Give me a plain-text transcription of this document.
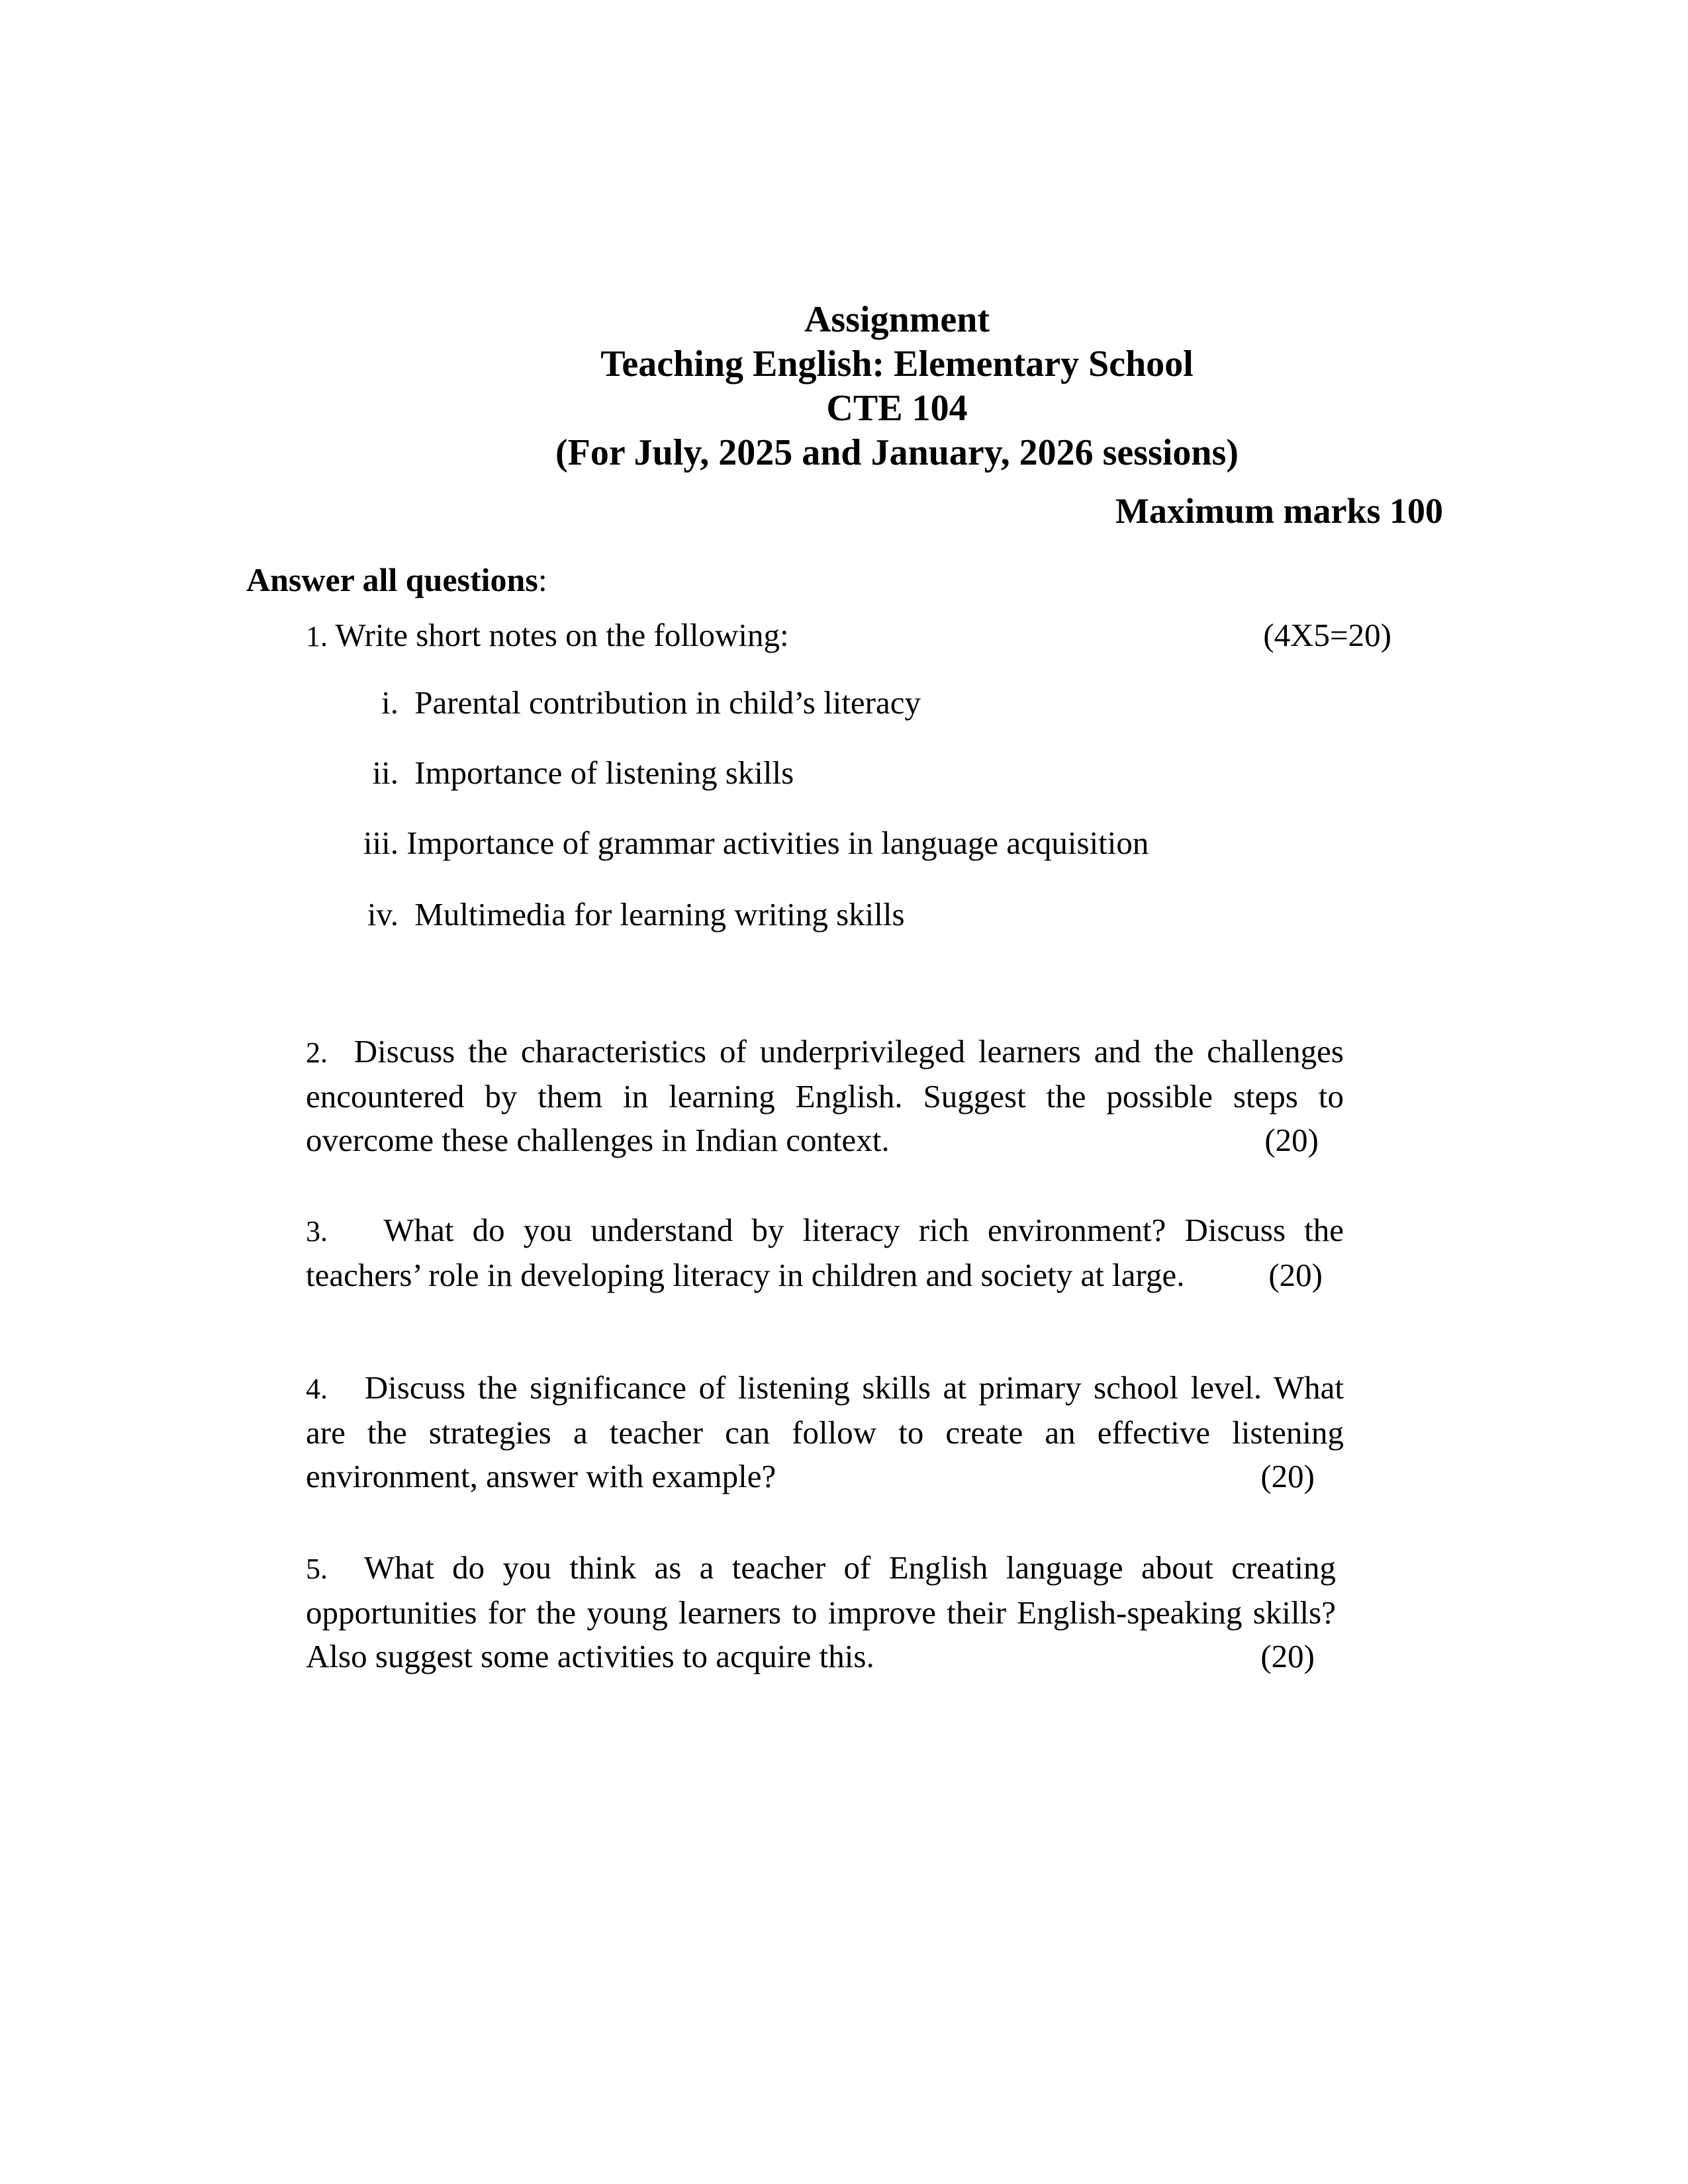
Assignment
Teaching English: Elementary School
CTE 104
(For July, 2025 and January, 2026 sessions)
Maximum marks 100
Answer all questions:
1. Write short notes on the following:	(4X5=20)
i. Parental contribution in child’s literacy
ii. Importance of listening skills
iii. Importance of grammar activities in language acquisition
iv. Multimedia for learning writing skills
2. Discuss the characteristics of underprivileged learners and the challenges
encountered by them in learning English. Suggest the possible steps to
overcome these challenges in Indian context.	(20)
3. What do you understand by literacy rich environment? Discuss the
teachers’ role in developing literacy in children and society at large.	(20)
4. Discuss the significance of listening skills at primary school level. What
are the strategies a teacher can follow to create an effective listening
environment, answer with example?	(20)
5. What do you think as a teacher of English language about creating
opportunities for the young learners to improve their English-speaking skills?
Also suggest some activities to acquire this.	(20)
